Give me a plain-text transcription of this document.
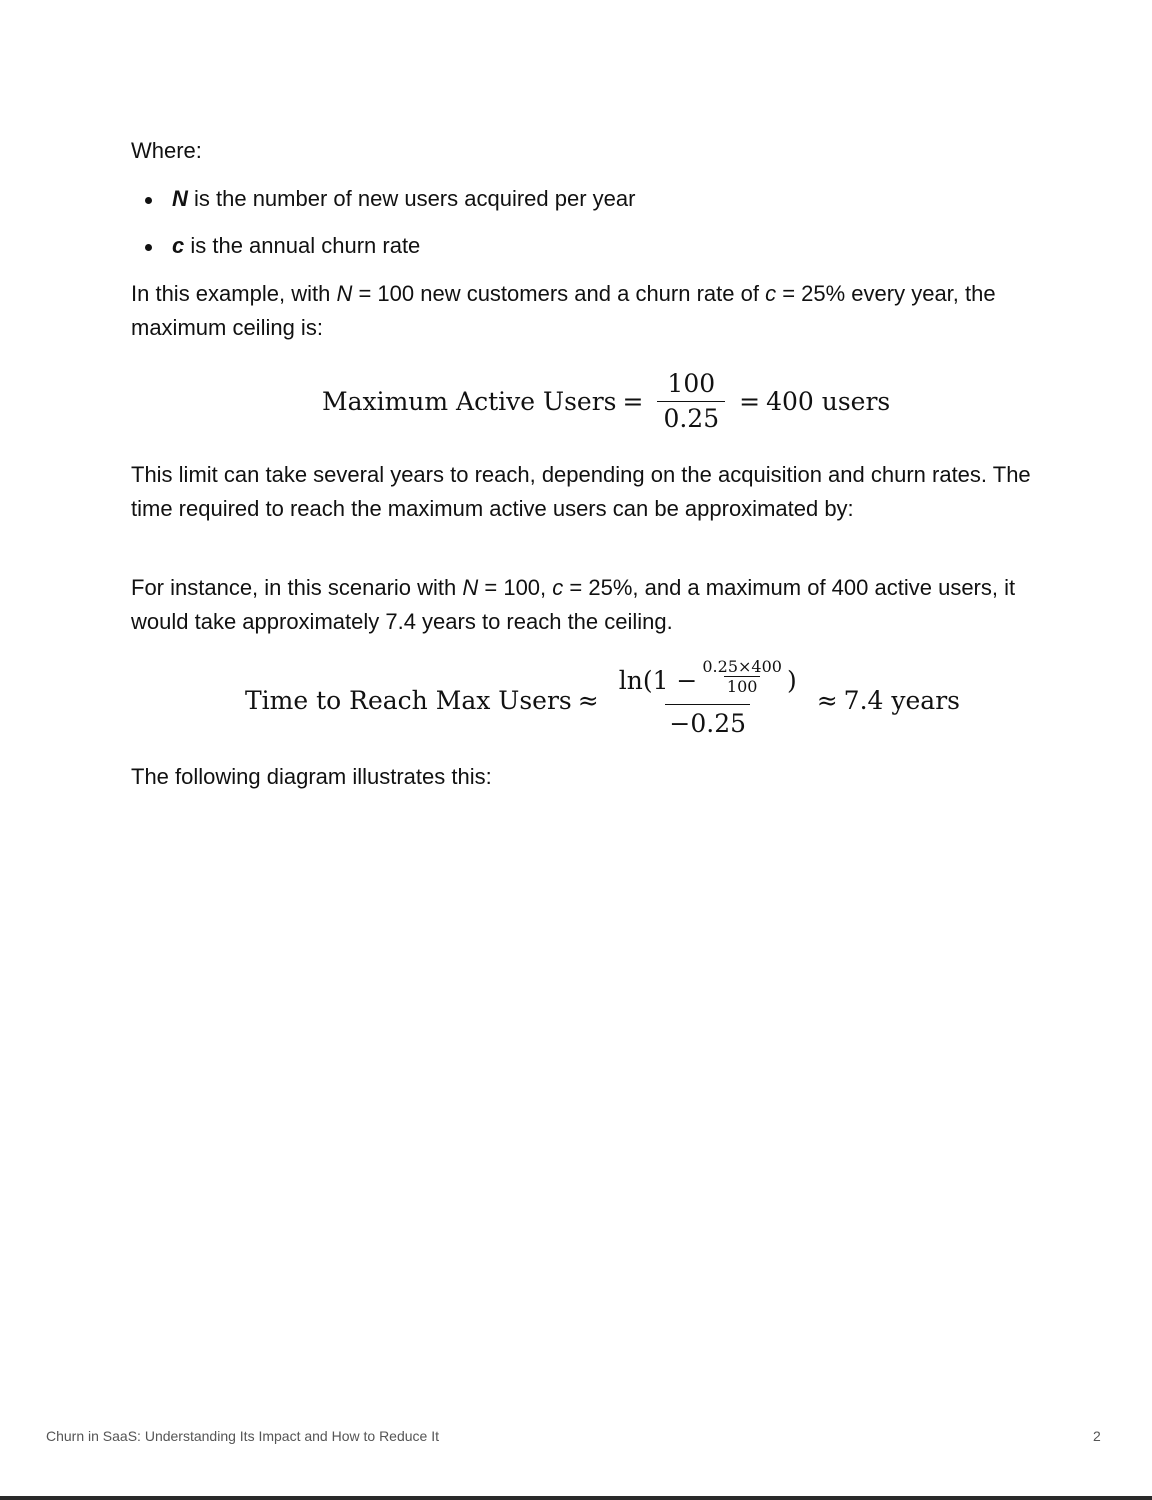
Where:

N is the number of new users acquired per year
c is the annual churn rate

In this example, with N = 100 new customers and a churn rate of c = 25% every year, the maximum ceiling is:

Maximum Active Users = $\frac{100}{0.25} = 400$ users

This limit can take several years to reach, depending on the acquisition and churn rates. The time required to reach the maximum active users can be approximated by:

For instance, in this scenario with N = 100, c = 25%, and a maximum of 400 active users, it would take approximately 7.4 years to reach the ceiling.

Time to Reach Max Users ≈
$\ln(1 - \frac{0.25\times 400}{100}$ )
−0.25
≈ 7.4 years

The following diagram illustrates this:

Churn in SaaS: Understanding Its Impact and How to Reduce It	2
